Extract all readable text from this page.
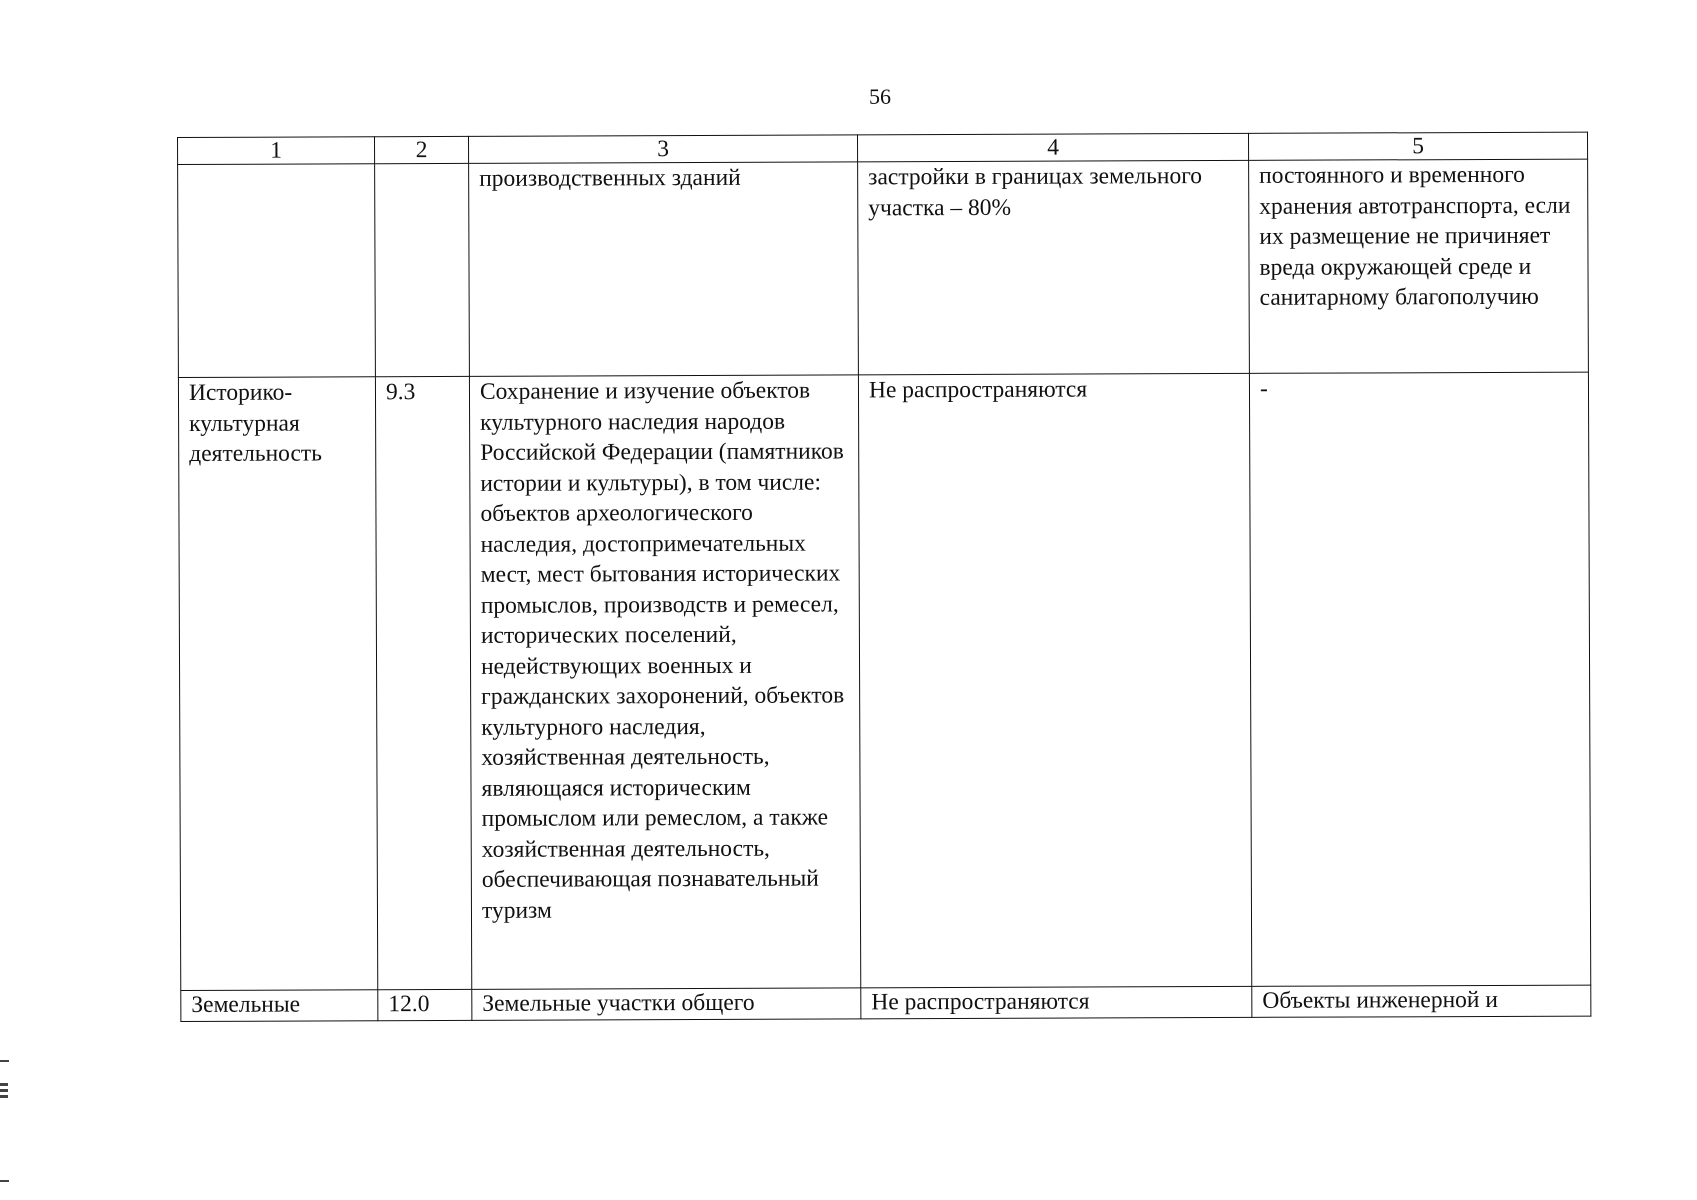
56
1	2	3	4	5
		производственных зданий	застройки в границах земельного участка – 80%	постоянного и временного хранения автотранспорта, если их размещение не причиняет вреда окружающей среде и санитарному благополучию
Историко-культурная деятельность	9.3	Сохранение и изучение объектов культурного наследия народов Российской Федерации (памятников истории и культуры), в том числе: объектов археологического наследия, достопримечательных мест, мест бытования исторических промыслов, производств и ремесел, исторических поселений, недействующих военных и гражданских захоронений, объектов культурного наследия, хозяйственная деятельность, являющаяся историческим промыслом или ремеслом, а также хозяйственная деятельность, обеспечивающая познавательный туризм	Не распространяются	-
Земельные	12.0	Земельные участки общего	Не распространяются	Объекты инженерной и
